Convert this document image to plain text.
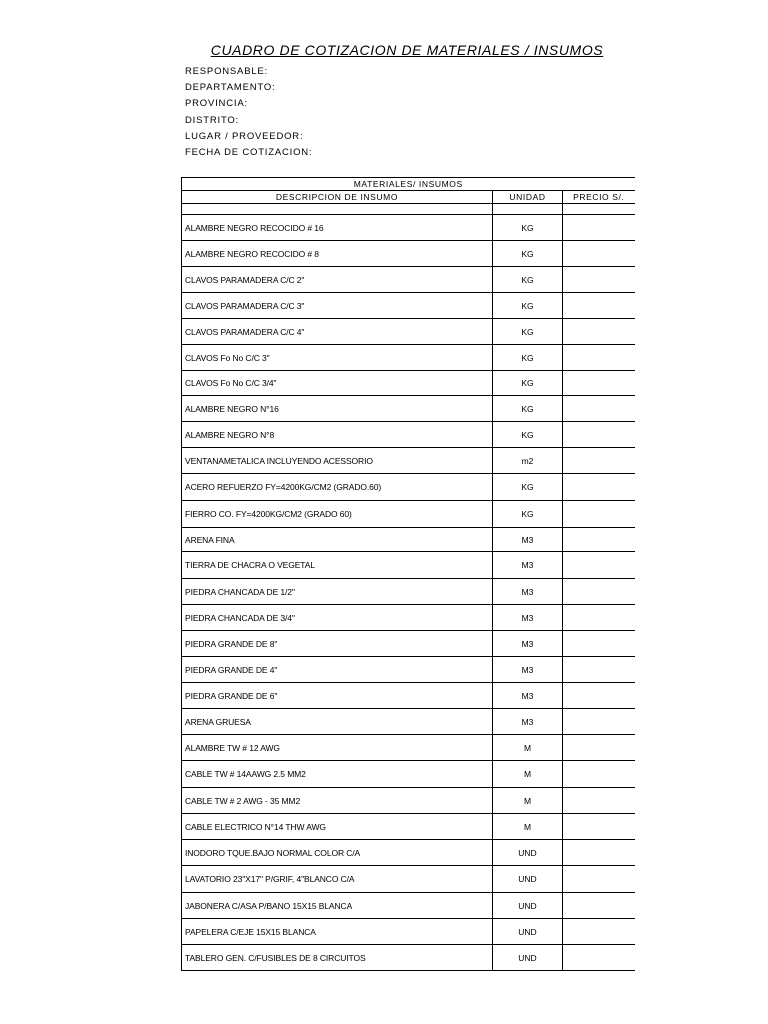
CUADRO DE COTIZACION DE MATERIALES / INSUMOS
RESPONSABLE:
DEPARTAMENTO:
PROVINCIA:
DISTRITO:
LUGAR / PROVEEDOR:
FECHA DE COTIZACION:
MATERIALES/ INSUMOS		
DESCRIPCION DE INSUMO	UNIDAD	PRECIO S/.

ALAMBRE NEGRO RECOCIDO # 16	KG	
ALAMBRE NEGRO RECOCIDO # 8	KG	
CLAVOS PARAMADERA C/C 2"	KG	
CLAVOS PARAMADERA C/C 3"	KG	
CLAVOS PARAMADERA C/C 4"	KG	
CLAVOS Fo No C/C 3"	KG	
CLAVOS Fo No C/C 3/4"	KG	
ALAMBRE NEGRO N°16	KG	
ALAMBRE NEGRO N°8	KG	
VENTANAMETALICA INCLUYENDO ACESSORIO	m2	
ACERO REFUERZO FY=4200KG/CM2 (GRADO.60)	KG	
FIERRO CO. FY=4200KG/CM2 (GRADO 60)	KG	
ARENA FINA	M3	
TIERRA DE CHACRA O VEGETAL	M3	
PIEDRA CHANCADA DE 1/2"	M3	
PIEDRA CHANCADA DE 3/4"	M3	
PIEDRA GRANDE DE 8"	M3	
PIEDRA GRANDE DE 4"	M3	
PIEDRA GRANDE DE 6"	M3	
ARENA GRUESA	M3	
ALAMBRE TW # 12 AWG	M	
CABLE TW # 14AAWG 2.5 MM2	M	
CABLE TW # 2 AWG - 35 MM2	M	
CABLE ELECTRICO N°14 THW AWG	M	
INODORO TQUE.BAJO NORMAL COLOR C/A	UND	
LAVATORIO 23"X17" P/GRIF, 4"BLANCO C/A	UND	
JABONERA C/ASA P/BANO 15X15 BLANCA	UND	
PAPELERA C/EJE 15X15 BLANCA	UND	
TABLERO GEN. C/FUSIBLES DE 8 CIRCUITOS	UND	
